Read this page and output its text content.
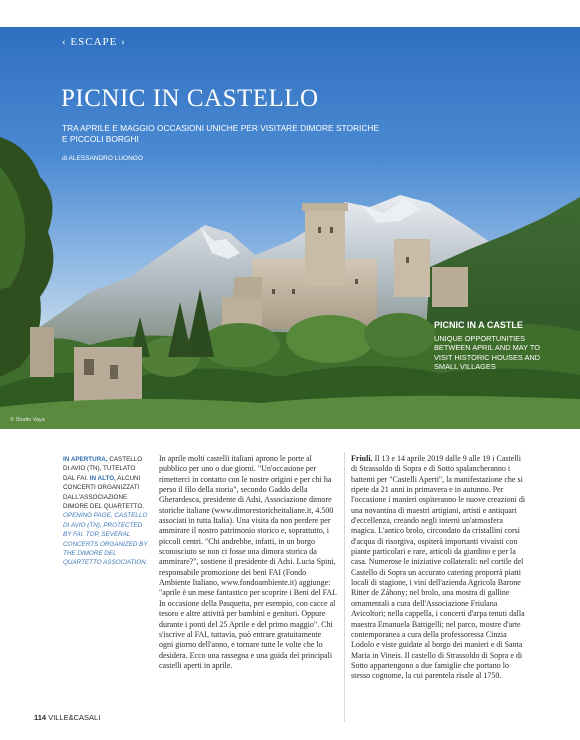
‹ ESCAPE ›
PICNIC IN CASTELLO
TRA APRILE E MAGGIO OCCASIONI UNICHE PER VISITARE DIMORE STORICHE E PICCOLI BORGHI
di ALESSANDRO LUONGO
PICNIC IN A CASTLE
UNIQUE OPPORTUNITIES BETWEEN APRIL AND MAY TO VISIT HISTORIC HOUSES AND SMALL VILLAGES
© Studio Vaya
IN APERTURA, CASTELLO DI AVIO (TN), TUTELATO DAL FAI. IN ALTO, ALCUNI CONCERTI ORGANIZZATI DALL'ASSOCIAZIONE DIMORE DEL QUARTETTO.
OPENING PAGE, CASTELLO DI AVIO (TN), PROTECTED BY FAI. TOP, SEVERAL CONCERTS ORGANIZED BY THE DIMORE DEL QUARTETTO ASSOCIATION.
In aprile molti castelli italiani aprono le porte al pubblico per uno o due giorni. "Un'occasione per rimetterci in contatto con le nostre origini e per chi ha perso il filo della storia", secondo Gaddo della Gherardesca, presidente di Adsi, Associazione dimore storiche italiane (www.dimorestoricheitaliane.it, 4.500 associati in tutta Italia). Una visita da non perdere per ammirare il nostro patrimonio storico e, soprattutto, i piccoli centri. "Chi andrebbe, infatti, in un borgo sconosciuto se non ci fosse una dimora storica da ammirare?", sostiene il presidente di Adsi. Lucia Spini, responsabile promozione dei beni FAI (Fondo Ambiente Italiano, www.fondoambiente.it) aggiunge: "aprile è un mese fantastico per scoprire i Beni del FAI. In occasione della Pasquetta, per esempio, con cacce al tesoro e altre attività per bambini e genitori. Oppure durante i ponti del 25 Aprile e del primo maggio". Chi s'iscrive al FAI, tuttavia, può entrare gratuitamente ogni giorno dell'anno, e tornare tutte le volte che lo desidera. Ecco una rassegna e una guida dei principali castelli aperti in aprile.
Friuli. Il 13 e 14 aprile 2019 dalle 9 alle 19 i Castelli di Strassoldo di Sopra e di Sotto spalancheranno i battenti per "Castelli Aperti", la manifestazione che si ripete da 21 anni in primavera e in autunno. Per l'occasione i manieri ospiteranno le nuove creazioni di una novantina di maestri artigiani, artisti e antiquari d'eccellenza, creando negli interni un'atmosfera magica. L'antico brolo, circondato da cristallini corsi d'acqua di risorgiva, ospiterà importanti vivaisti con piante particolari e rare, articoli da giardino e per la casa. Numerose le iniziative collaterali: nel cortile del Castello di Sopra un accurato catering proporrà piatti locali di stagione, i vini dell'azienda Agricola Barone Ritter de Záhony; nel brolo, una mostra di galline ornamentali a cura dell'Associazione Friulana Avicoltori; nella cappella, i concerti d'arpa tenuti dalla maestra Emanuela Battigelli; nel parco, mostre d'arte contemporanea a cura della professoressa Cinzia Lodolo e viste guidate al borgo dei manieri e di Santa Maria in Vineis. Il castello di Strassoldo di Sopra e di Sotto appartengono a due famiglie che portano lo stesso cognome, la cui parentela risale al 1750.
114 VILLE&CASALI
